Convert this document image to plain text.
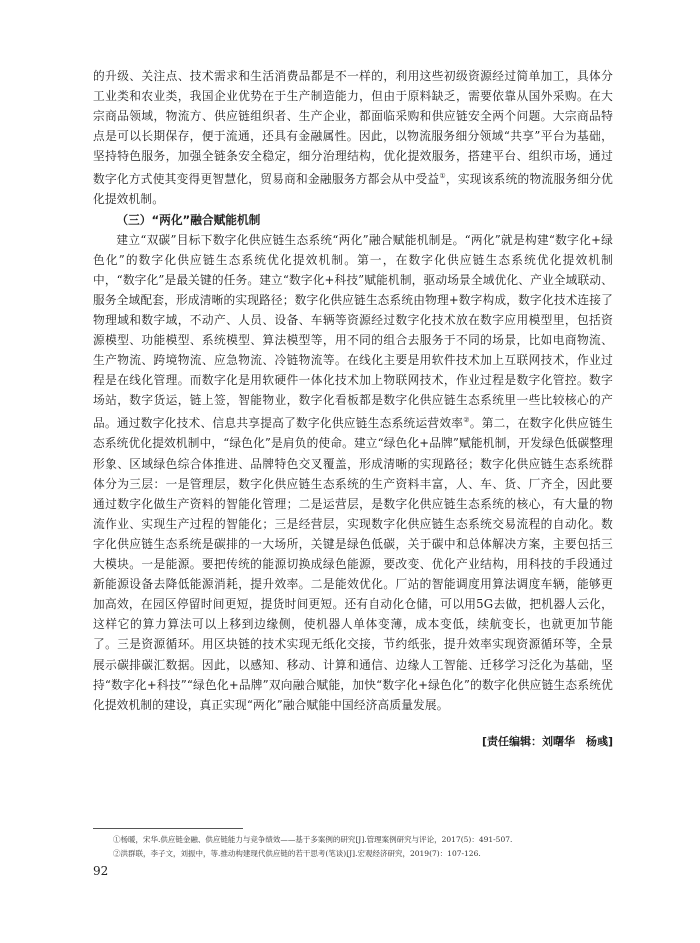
的升级、关注点、技术需求和生活消费品都是不一样的，利用这些初级资源经过简单加工，具体分工业类和农业类，我国企业优势在于生产制造能力，但由于原料缺乏，需要依靠从国外采购。在大宗商品领域，物流方、供应链组织者、生产企业，都面临采购和供应链安全两个问题。大宗商品特点是可以长期保存，便于流通，还具有金融属性。因此，以物流服务细分领域“共享”平台为基础，坚持特色服务，加强全链条安全稳定，细分治理结构，优化提效服务，搭建平台、组织市场，通过数字化方式使其变得更智慧化，贸易商和金融服务方都会从中受益①，实现该系统的物流服务细分优化提效机制。

（三）“两化”融合赋能机制

建立“双碳”目标下数字化供应链生态系统“两化”融合赋能机制是。“两化”就是构建“数字化+绿色化”的数字化供应链生态系统优化提效机制。第一，在数字化供应链生态系统优化提效机制中，“数字化”是最关键的任务。建立“数字化+科技”赋能机制，驱动场景全域优化、产业全域联动、服务全域配套，形成清晰的实现路径；数字化供应链生态系统由物理+数字构成，数字化技术连接了物理域和数字域，不动产、人员、设备、车辆等资源经过数字化技术放在数字应用模型里，包括资源模型、功能模型、系统模型、算法模型等，用不同的组合去服务于不同的场景，比如电商物流、生产物流、跨境物流、应急物流、冷链物流等。在线化主要是用软件技术加上互联网技术，作业过程是在线化管理。而数字化是用软硬件一体化技术加上物联网技术，作业过程是数字化管控。数字场站，数字货运，链上签，智能物业，数字化看板都是数字化供应链生态系统里一些比较核心的产品。通过数字化技术、信息共享提高了数字化供应链生态系统运营效率②。第二，在数字化供应链生态系统优化提效机制中，“绿色化”是肩负的使命。建立“绿色化+品牌”赋能机制，开发绿色低碳整理形象、区域绿色综合体推进、品牌特色交叉覆盖，形成清晰的实现路径；数字化供应链生态系统群体分为三层：一是管理层，数字化供应链生态系统的生产资料丰富，人、车、货、厂齐全，因此要通过数字化做生产资料的智能化管理；二是运营层，是数字化供应链生态系统的核心，有大量的物流作业、实现生产过程的智能化；三是经营层，实现数字化供应链生态系统交易流程的自动化。数字化供应链生态系统是碳排的一大场所，关键是绿色低碳，关于碳中和总体解决方案，主要包括三大模块。一是能源。要把传统的能源切换成绿色能源，要改变、优化产业结构，用科技的手段通过新能源设备去降低能源消耗，提升效率。二是能效优化。厂站的智能调度用算法调度车辆，能够更加高效，在园区停留时间更短，提货时间更短。还有自动化仓储，可以用5G去做，把机器人云化，这样它的算力算法可以上移到边缘侧，使机器人单体变薄，成本变低，续航变长，也就更加节能了。三是资源循环。用区块链的技术实现无纸化交接，节约纸张，提升效率实现资源循环等，全景展示碳排碳汇数据。因此，以感知、移动、计算和通信、边缘人工智能、迁移学习泛化为基础，坚持“数字化+科技”“绿色化+品牌”双向融合赋能，加快“数字化+绿色化”的数字化供应链生态系统优化提效机制的建设，真正实现“两化”融合赋能中国经济高质量发展。

[责任编辑：刘曙华　杨彧]

①杨暖，宋华.供应链金融、供应链能力与竞争绩效——基于多案例的研究[J].管理案例研究与评论，2017(5)：491-507.

②洪群联，李子文，刘振中，等.推动构建现代供应链的若干思考(笔谈)[J].宏观经济研究，2019(7)：107-126.

92
